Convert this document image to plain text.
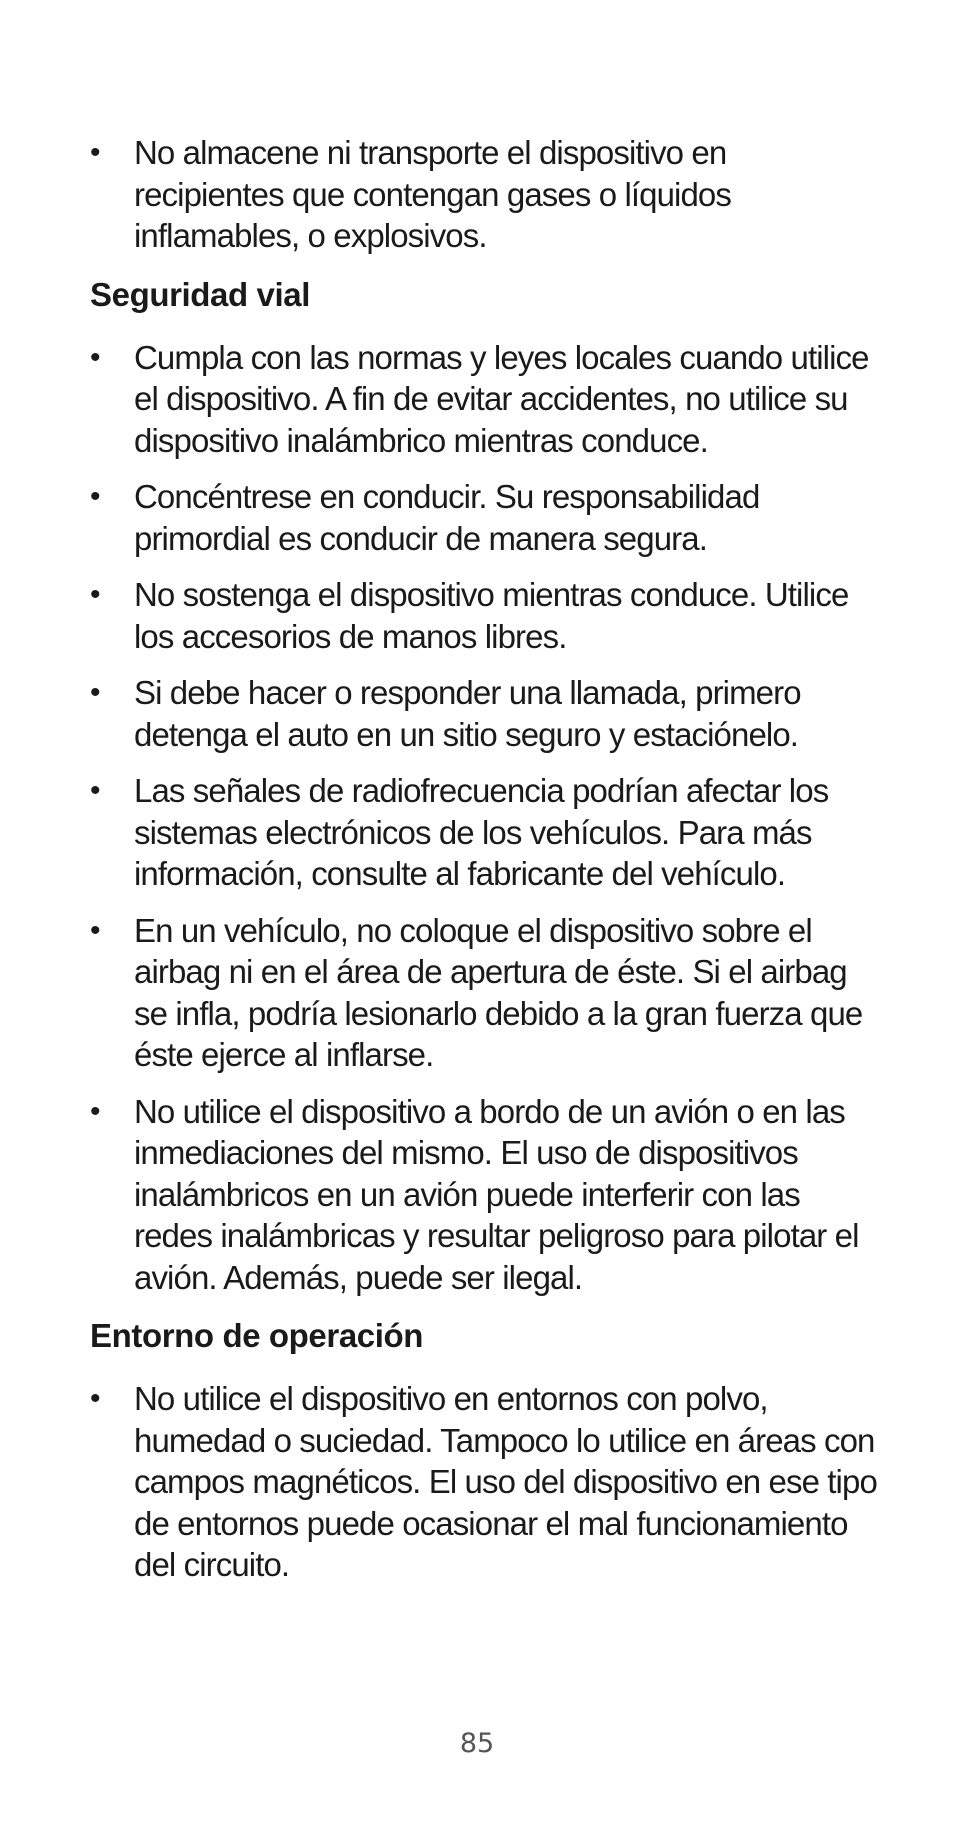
•	No almacene ni transporte el dispositivo en recipientes que contengan gases o líquidos inflamables, o explosivos.
Seguridad vial
•	Cumpla con las normas y leyes locales cuando utilice el dispositivo. A fin de evitar accidentes, no utilice su dispositivo inalámbrico mientras conduce.
•	Concéntrese en conducir. Su responsabilidad primordial es conducir de manera segura.
•	No sostenga el dispositivo mientras conduce. Utilice los accesorios de manos libres.
•	Si debe hacer o responder una llamada, primero detenga el auto en un sitio seguro y estaciónelo.
•	Las señales de radiofrecuencia podrían afectar los sistemas electrónicos de los vehículos. Para más información, consulte al fabricante del vehículo.
•	En un vehículo, no coloque el dispositivo sobre el airbag ni en el área de apertura de éste. Si el airbag se infla, podría lesionarlo debido a la gran fuerza que éste ejerce al inflarse.
•	No utilice el dispositivo a bordo de un avión o en las inmediaciones del mismo. El uso de dispositivos inalámbricos en un avión puede interferir con las redes inalámbricas y resultar peligroso para pilotar el avión. Además, puede ser ilegal.
Entorno de operación
•	No utilice el dispositivo en entornos con polvo, humedad o suciedad. Tampoco lo utilice en áreas con campos magnéticos. El uso del dispositivo en ese tipo de entornos puede ocasionar el mal funcionamiento del circuito.
85
